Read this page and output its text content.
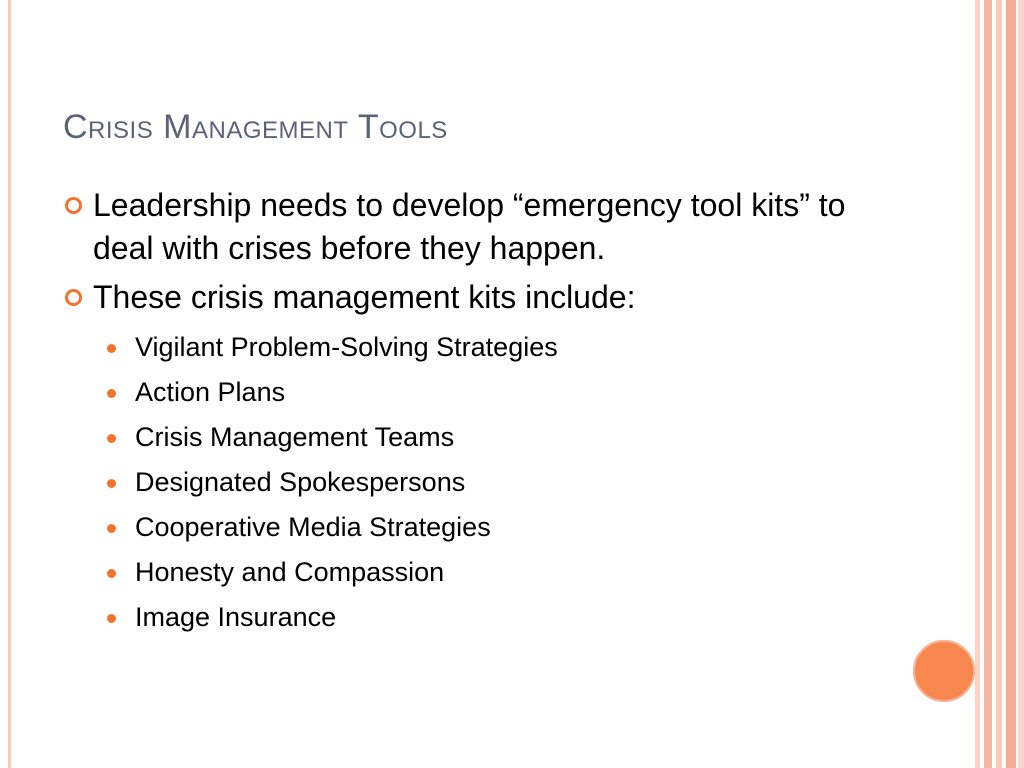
Crisis Management Tools
Leadership needs to develop “emergency tool kits” to deal with crises before they happen.
These crisis management kits include:
Vigilant Problem-Solving Strategies
Action Plans
Crisis Management Teams
Designated Spokespersons
Cooperative Media Strategies
Honesty and Compassion
Image Insurance
